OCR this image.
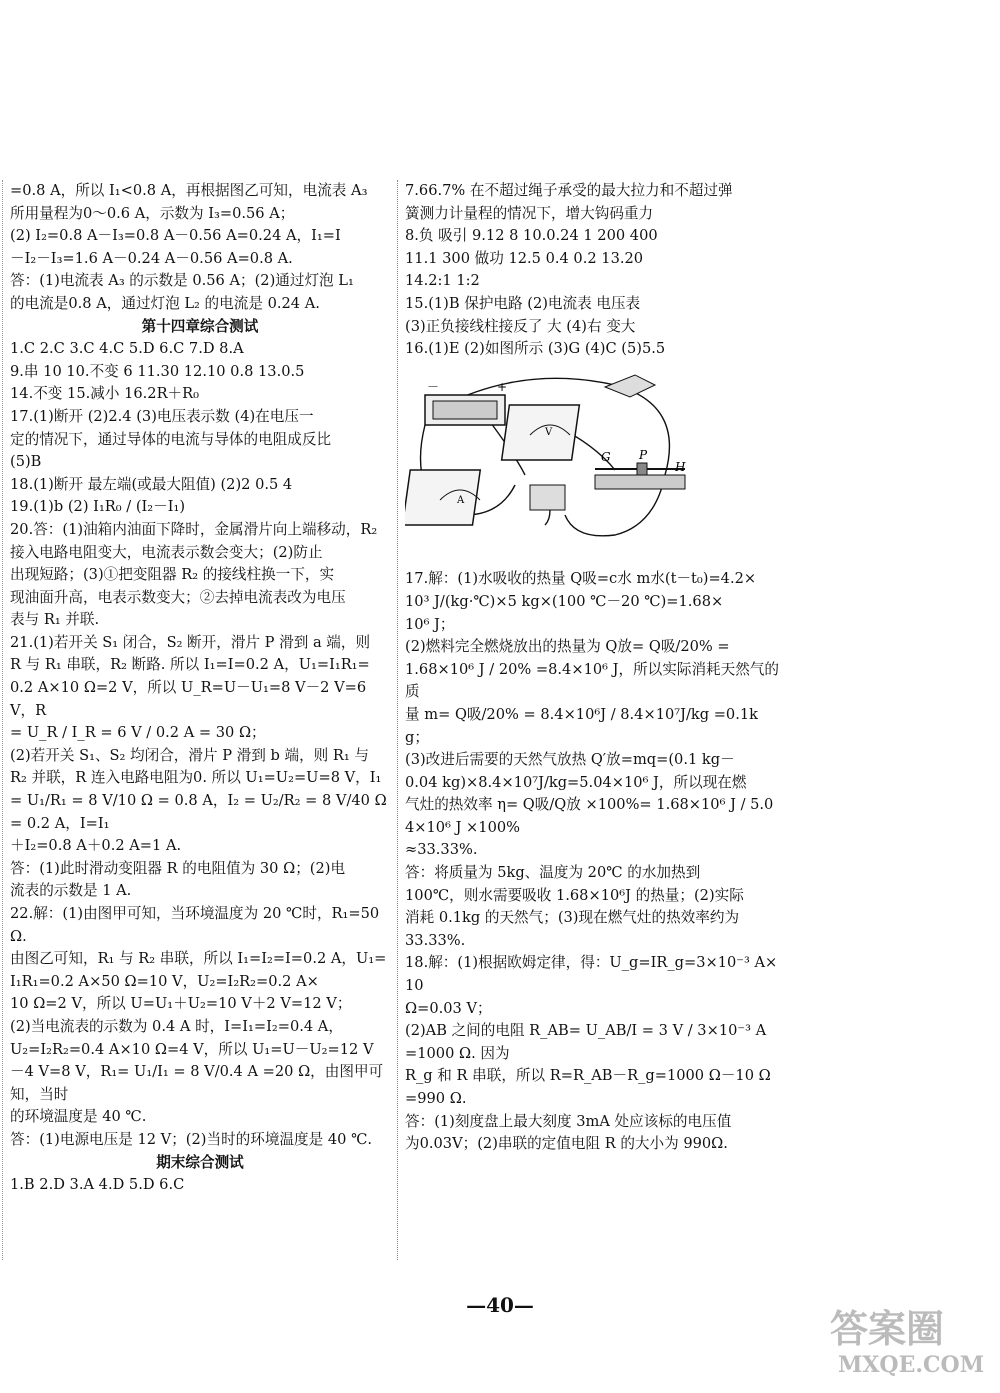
=0.8 A，所以 I₁<0.8 A，再根据图乙可知，电流表 A₃

所用量程为0～0.6 A，示数为 I₃=0.56 A；

(2) I₂=0.8 A－I₃=0.8 A－0.56 A=0.24 A，I₁=I

－I₂－I₃=1.6 A－0.24 A－0.56 A=0.8 A.

答：(1)电流表 A₃ 的示数是 0.56 A；(2)通过灯泡 L₁

的电流是0.8 A，通过灯泡 L₂ 的电流是 0.24 A.

第十四章综合测试

1.C 2.C 3.C 4.C 5.D 6.C 7.D 8.A

9.串 10 10.不变 6 11.30 12.10 0.8 13.0.5

14.不变 15.减小 16.2R＋R₀

17.(1)断开 (2)2.4 (3)电压表示数 (4)在电压一

定的情况下，通过导体的电流与导体的电阻成反比

(5)B

18.(1)断开 最左端(或最大阻值) (2)2 0.5 4

19.(1)b (2) I₁R₀ / (I₂－I₁)

20.答：(1)油箱内油面下降时，金属滑片向上端移动，R₂

接入电路电阻变大，电流表示数会变大；(2)防止

出现短路；(3)①把变阻器 R₂ 的接线柱换一下，实

现油面升高，电表示数变大；②去掉电流表改为电压

表与 R₁ 并联.

21.(1)若开关 S₁ 闭合，S₂ 断开，滑片 P 滑到 a 端，则

R 与 R₁ 串联，R₂ 断路. 所以 I₁=I=0.2 A，U₁=I₁R₁=

0.2 A×10 Ω=2 V，所以 U_R=U－U₁=8 V－2 V=6 V，R

= U_R / I_R = 6 V / 0.2 A = 30 Ω；

(2)若开关 S₁、S₂ 均闭合，滑片 P 滑到 b 端，则 R₁ 与

R₂ 并联，R 连入电路电阻为0. 所以 U₁=U₂=U=8 V，I₁

= U₁/R₁ = 8 V/10 Ω = 0.8 A，I₂ = U₂/R₂ = 8 V/40 Ω = 0.2 A，I=I₁

＋I₂=0.8 A＋0.2 A=1 A.

答：(1)此时滑动变阻器 R 的电阻值为 30 Ω；(2)电

流表的示数是 1 A.

22.解：(1)由图甲可知，当环境温度为 20 ℃时，R₁=50 Ω.

由图乙可知，R₁ 与 R₂ 串联，所以 I₁=I₂=I=0.2 A，U₁=

I₁R₁=0.2 A×50 Ω=10 V，U₂=I₂R₂=0.2 A×

10 Ω=2 V，所以 U=U₁＋U₂=10 V＋2 V=12 V；

(2)当电流表的示数为 0.4 A 时，I=I₁=I₂=0.4 A，

U₂=I₂R₂=0.4 A×10 Ω=4 V，所以 U₁=U－U₂=12 V

－4 V=8 V，R₁= U₁/I₁ = 8 V/0.4 A =20 Ω，由图甲可知，当时

的环境温度是 40 ℃.

答：(1)电源电压是 12 V；(2)当时的环境温度是 40 ℃.

期末综合测试

1.B 2.D 3.A 4.D 5.D 6.C

7.66.7% 在不超过绳子承受的最大拉力和不超过弹

簧测力计量程的情况下，增大钩码重力

8.负 吸引 9.12 8 10.0.24 1 200 400

11.1 300 做功 12.5 0.4 0.2 13.20

14.2:1 1:2

15.(1)B 保护电路 (2)电流表 电压表

(3)正负接线柱接反了 大 (4)右 变大

16.(1)E (2)如图所示 (3)G (4)C (5)5.5

－	+
V
A
G P
H

17.解：(1)水吸收的热量 Q吸=c水 m水(t－t₀)=4.2×

10³ J/(kg·℃)×5 kg×(100 ℃－20 ℃)=1.68×

10⁶ J；

(2)燃料完全燃烧放出的热量为 Q放= Q吸/20% =

1.68×10⁶ J / 20% =8.4×10⁶ J，所以实际消耗天然气的质

量 m= Q吸/20% = 8.4×10⁶J / 8.4×10⁷J/kg =0.1kg；

(3)改进后需要的天然气放热 Q′放=mq=(0.1 kg－

0.04 kg)×8.4×10⁷J/kg=5.04×10⁶ J，所以现在燃

气灶的热效率 η= Q吸/Q放 ×100%= 1.68×10⁶ J / 5.04×10⁶ J ×100%

≈33.33%.

答：将质量为 5kg、温度为 20℃ 的水加热到

100℃，则水需要吸收 1.68×10⁶J 的热量；(2)实际

消耗 0.1kg 的天然气；(3)现在燃气灶的热效率约为

33.33%.

18.解：(1)根据欧姆定律，得：U_g=IR_g=3×10⁻³ A×10

Ω=0.03 V；

(2)AB 之间的电阻 R_AB= U_AB/I = 3 V / 3×10⁻³ A =1000 Ω. 因为

R_g 和 R 串联，所以 R=R_AB－R_g=1000 Ω－10 Ω=990 Ω.

答：(1)刻度盘上最大刻度 3mA 处应该标的电压值

为0.03V；(2)串联的定值电阻 R 的大小为 990Ω.

—40—
答案圈
MXQE.COM
